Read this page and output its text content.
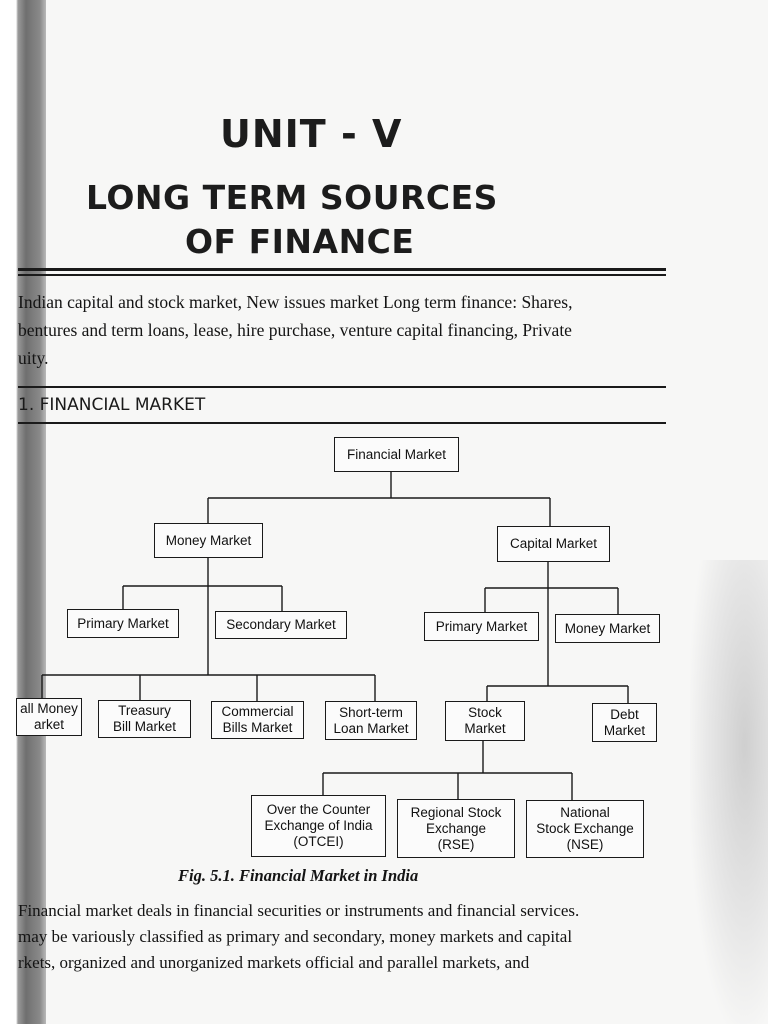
UNIT - V
LONG TERM SOURCES
OF FINANCE
Indian capital and stock market, New issues market Long term finance: Shares,
bentures and term loans, lease, hire purchase, venture capital financing, Private
uity.
1. FINANCIAL MARKET
Financial Market
Money Market	Capital Market
Primary Market	Secondary Market	Primary Market	Money Market
all Money
arket
Treasury
Bill Market
Commercial
Bills Market
Short-term
Loan Market
Stock
Market
Debt
Market
Over the Counter
Exchange of India
(OTCEI)
Regional Stock
Exchange
(RSE)
National
Stock Exchange
(NSE)
Fig. 5.1. Financial Market in India
Financial market deals in financial securities or instruments and financial services.
may be variously classified as primary and secondary, money markets and capital
rkets, organized and unorganized markets official and parallel markets, and
